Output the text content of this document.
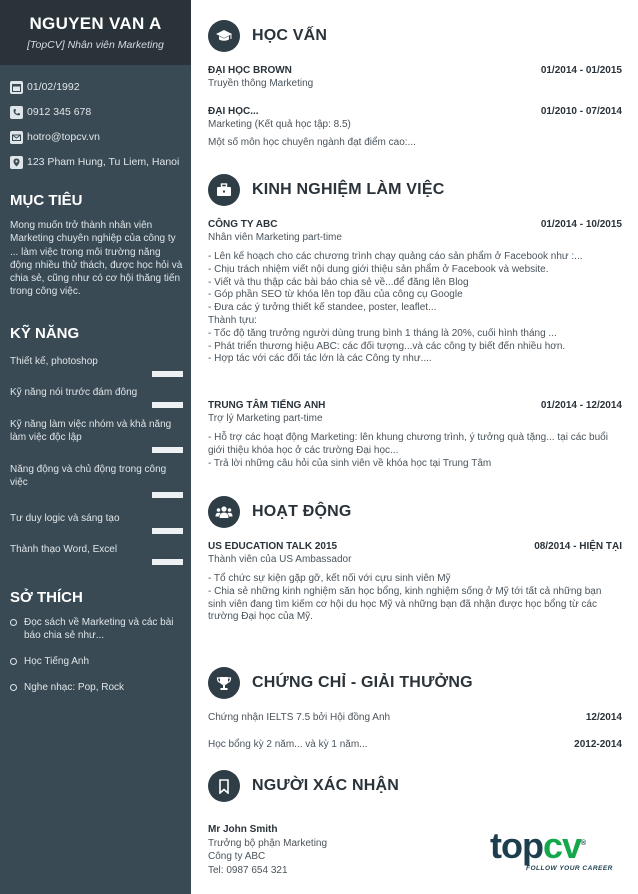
NGUYEN VAN A
[TopCV] Nhân viên Marketing
01/02/1992
0912 345 678
hotro@topcv.vn
123 Pham Hung, Tu Liem, Hanoi
MỤC TIÊU
Mong muốn trở thành nhân viên Marketing chuyên nghiệp của công ty ... làm việc trong môi trường năng động nhiều thử thách, được học hỏi và chia sẻ, cũng như có cơ hội thăng tiến trong công việc.
KỸ NĂNG
Thiết kế, photoshop
Kỹ năng nói trước đám đông
Kỹ năng làm việc nhóm và khả năng làm việc độc lập
Năng động và chủ động trong công việc
Tư duy logic và sáng tạo
Thành thạo Word, Excel
SỞ THÍCH
Đọc sách về Marketing và các bài báo chia sẻ như...
Học Tiếng Anh
Nghe nhạc: Pop, Rock
HỌC VẤN
ĐẠI HỌC BROWN	01/2014 - 01/2015
Truyền thông Marketing
ĐẠI HỌC...	01/2010 - 07/2014
Marketing (Kết quả học tập: 8.5)
Một số môn học chuyên ngành đạt điểm cao:...
KINH NGHIỆM LÀM VIỆC
CÔNG TY ABC	01/2014 - 10/2015
Nhân viên Marketing part-time
- Lên kế hoạch cho các chương trình chạy quảng cáo sản phẩm ở Facebook như :...
- Chịu trách nhiệm viết nội dung giới thiệu sản phẩm ở Facebook và website.
- Viết và thu thập các bài báo chia sẻ về...để đăng lên Blog
- Góp phần SEO từ khóa lên top đầu của công cụ Google
- Đưa các ý tưởng thiết kế standee, poster, leaflet...
Thành tựu:
- Tốc độ tăng trưởng người dùng trung bình 1 tháng là 20%, cuối hình tháng ...
- Phát triển thương hiệu ABC: các đối tượng...và các công ty biết đến nhiều hơn.
- Hợp tác với các đối tác lớn là các Công ty như....
TRUNG TÂM TIẾNG ANH	01/2014 - 12/2014
Trợ lý Marketing part-time
- Hỗ trợ các hoạt động Marketing: lên khung chương trình, ý tưởng quà tặng... tại các buổi giới thiệu khóa học ở các trường Đại học...
- Trả lời những câu hỏi của sinh viên về khóa học tại Trung Tâm
HOẠT ĐỘNG
US EDUCATION TALK 2015	08/2014 - HIỆN TẠI
Thành viên của US Ambassador
- Tổ chức sự kiện gặp gỡ, kết nối với cựu sinh viên Mỹ
- Chia sẻ những kinh nghiệm săn học bổng, kinh nghiệm sống ở Mỹ tới tất cả những bạn sinh viên đang tìm kiếm cơ hội du học Mỹ và những bạn đã nhận được học bổng từ các trường Đại học của Mỹ.
CHỨNG CHỈ - GIẢI THƯỞNG
Chứng nhận IELTS 7.5 bởi Hội đồng Anh	12/2014
Học bổng kỳ 2 năm... và kỳ 1 năm...	2012-2014
NGƯỜI XÁC NHẬN
Mr John Smith
Trưởng bộ phận Marketing
Công ty ABC
Tel: 0987 654 321
topcv®
FOLLOW YOUR CAREER
